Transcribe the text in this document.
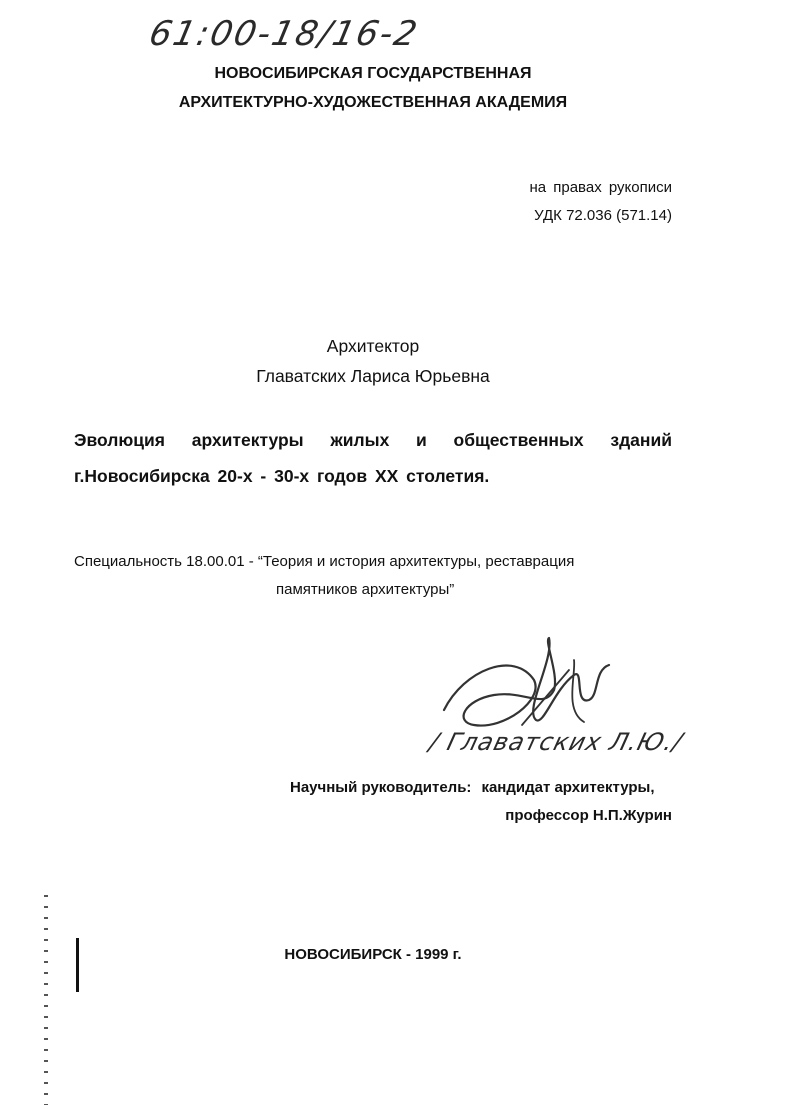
61:00-18/16-2
НОВОСИБИРСКАЯ ГОСУДАРСТВЕННАЯ
АРХИТЕКТУРНО-ХУДОЖЕСТВЕННАЯ АКАДЕМИЯ
на правах рукописи
УДК 72.036 (571.14)
Архитектор
Главатских Лариса Юрьевна
Эволюция архитектуры жилых и общественных зданий
г.Новосибирска 20-х - 30-х годов XX столетия.
Специальность 18.00.01 - “Теория и история архитектуры, реставрация
памятников архитектуры”
/ Главатских Л.Ю./
Научный руководитель: кандидат архитектуры,
профессор Н.П.Журин
НОВОСИБИРСК - 1999 г.
